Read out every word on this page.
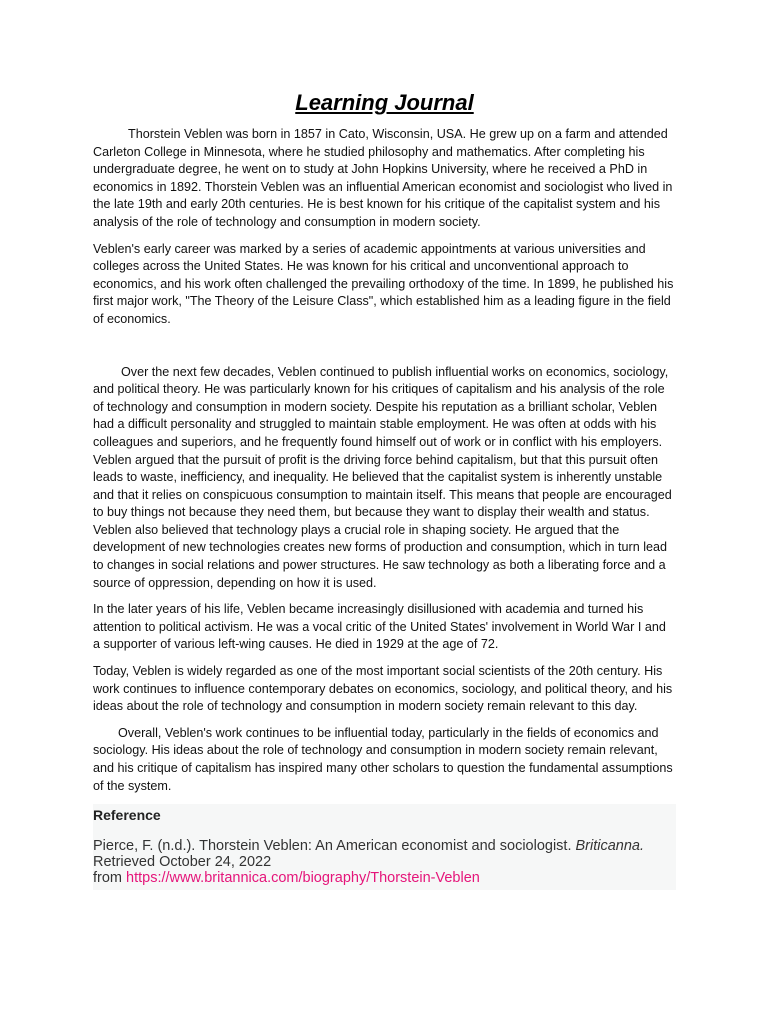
Learning Journal

Thorstein Veblen was born in 1857 in Cato, Wisconsin, USA. He grew up on a farm and attended Carleton College in Minnesota, where he studied philosophy and mathematics. After completing his undergraduate degree, he went on to study at John Hopkins University, where he received a PhD in economics in 1892. Thorstein Veblen was an influential American economist and sociologist who lived in the late 19th and early 20th centuries. He is best known for his critique of the capitalist system and his analysis of the role of technology and consumption in modern society.

Veblen's early career was marked by a series of academic appointments at various universities and colleges across the United States. He was known for his critical and unconventional approach to economics, and his work often challenged the prevailing orthodoxy of the time. In 1899, he published his first major work, "The Theory of the Leisure Class", which established him as a leading figure in the field of economics.

Over the next few decades, Veblen continued to publish influential works on economics, sociology, and political theory. He was particularly known for his critiques of capitalism and his analysis of the role of technology and consumption in modern society. Despite his reputation as a brilliant scholar, Veblen had a difficult personality and struggled to maintain stable employment. He was often at odds with his colleagues and superiors, and he frequently found himself out of work or in conflict with his employers. Veblen argued that the pursuit of profit is the driving force behind capitalism, but that this pursuit often leads to waste, inefficiency, and inequality. He believed that the capitalist system is inherently unstable and that it relies on conspicuous consumption to maintain itself. This means that people are encouraged to buy things not because they need them, but because they want to display their wealth and status. Veblen also believed that technology plays a crucial role in shaping society. He argued that the development of new technologies creates new forms of production and consumption, which in turn lead to changes in social relations and power structures. He saw technology as both a liberating force and a source of oppression, depending on how it is used.

In the later years of his life, Veblen became increasingly disillusioned with academia and turned his attention to political activism. He was a vocal critic of the United States' involvement in World War I and a supporter of various left-wing causes. He died in 1929 at the age of 72.

Today, Veblen is widely regarded as one of the most important social scientists of the 20th century. His work continues to influence contemporary debates on economics, sociology, and political theory, and his ideas about the role of technology and consumption in modern society remain relevant to this day.

Overall, Veblen's work continues to be influential today, particularly in the fields of economics and sociology. His ideas about the role of technology and consumption in modern society remain relevant, and his critique of capitalism has inspired many other scholars to question the fundamental assumptions of the system.

Reference

Pierce, F. (n.d.). Thorstein Veblen: An American economist and sociologist. Briticanna. Retrieved October 24, 2022
from https://www.britannica.com/biography/Thorstein-Veblen
